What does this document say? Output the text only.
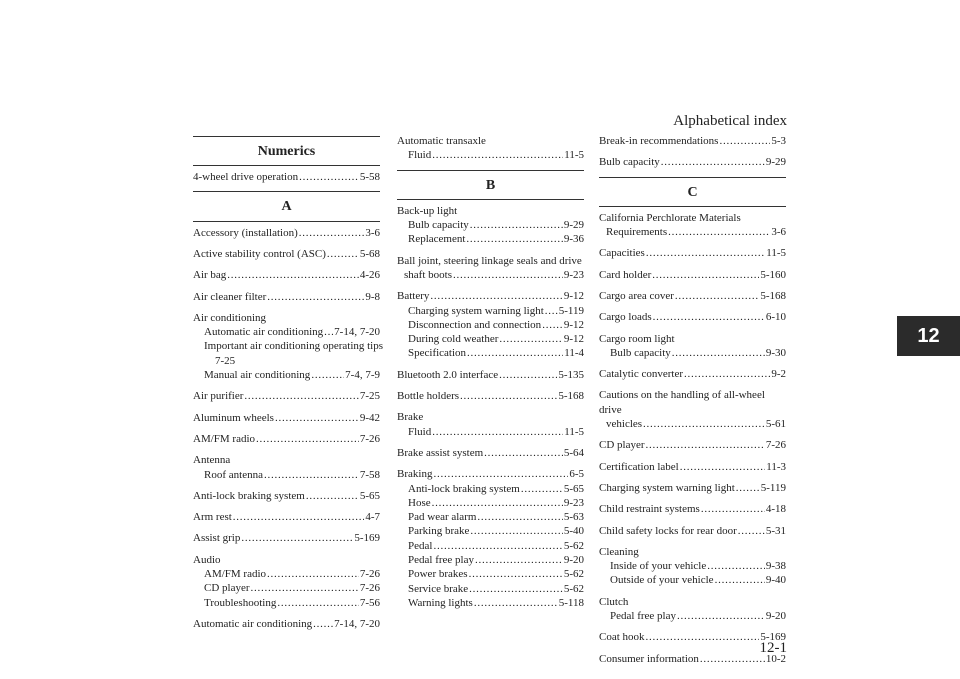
Alphabetical index
12
Numerics
4-wheel drive operation . . .	5-58
A
Accessory (installation) . . .	3-6
Active stability control (ASC) . . .	5-68
Air bag . . .	4-26
Air cleaner filter . . .	9-8
Air conditioning
Automatic air conditioning . . . 7-14, 7-20
Important air conditioning operating tips
7-25
Manual air conditioning . . .	7-4, 7-9
Air purifier . . .	7-25
Aluminum wheels . . .	9-42
AM/FM radio . . .	7-26
Antenna
Roof antenna . . .	7-58
Anti-lock braking system . . .	5-65
Arm rest . . .	4-7
Assist grip . . .	5-169
Audio
AM/FM radio . . .	7-26
CD player . . .	7-26
Troubleshooting . . .	7-56
Automatic air conditioning . . . 7-14, 7-20
Automatic transaxle
Fluid . . .	11-5
B
Back-up light
Bulb capacity . . .	9-29
Replacement . . .	9-36
Ball joint, steering linkage seals and drive
shaft boots . . .	9-23
Battery . . .	9-12
Charging system warning light . . . 5-119
Disconnection and connection . . . 9-12
During cold weather . . .	9-12
Specification . . .	11-4
Bluetooth 2.0 interface . . .	5-135
Bottle holders . . .	5-168
Brake
Fluid . . .	11-5
Brake assist system . . .	5-64
Braking . . .	6-5
Anti-lock braking system . . .	5-65
Hose . . .	9-23
Pad wear alarm . . .	5-63
Parking brake . . .	5-40
Pedal . . .	5-62
Pedal free play . . .	9-20
Power brakes . . .	5-62
Service brake . . .	5-62
Warning lights . . .	5-118
Break-in recommendations . . .	5-3
Bulb capacity . . .	9-29
C
California Perchlorate Materials
Requirements . . .	3-6
Capacities . . .	11-5
Card holder . . .	5-160
Cargo area cover . . .	5-168
Cargo loads . . .	6-10
Cargo room light
Bulb capacity . . .	9-30
Catalytic converter . . .	9-2
Cautions on the handling of all-wheel drive
vehicles . . .	5-61
CD player . . .	7-26
Certification label . . .	11-3
Charging system warning light . . . 5-119
Child restraint systems . . .	4-18
Child safety locks for rear door . . .	5-31
Cleaning
Inside of your vehicle . . .	9-38
Outside of your vehicle . . .	9-40
Clutch
Pedal free play . . .	9-20
Coat hook . . .	5-169
Consumer information . . .	10-2
12-1
